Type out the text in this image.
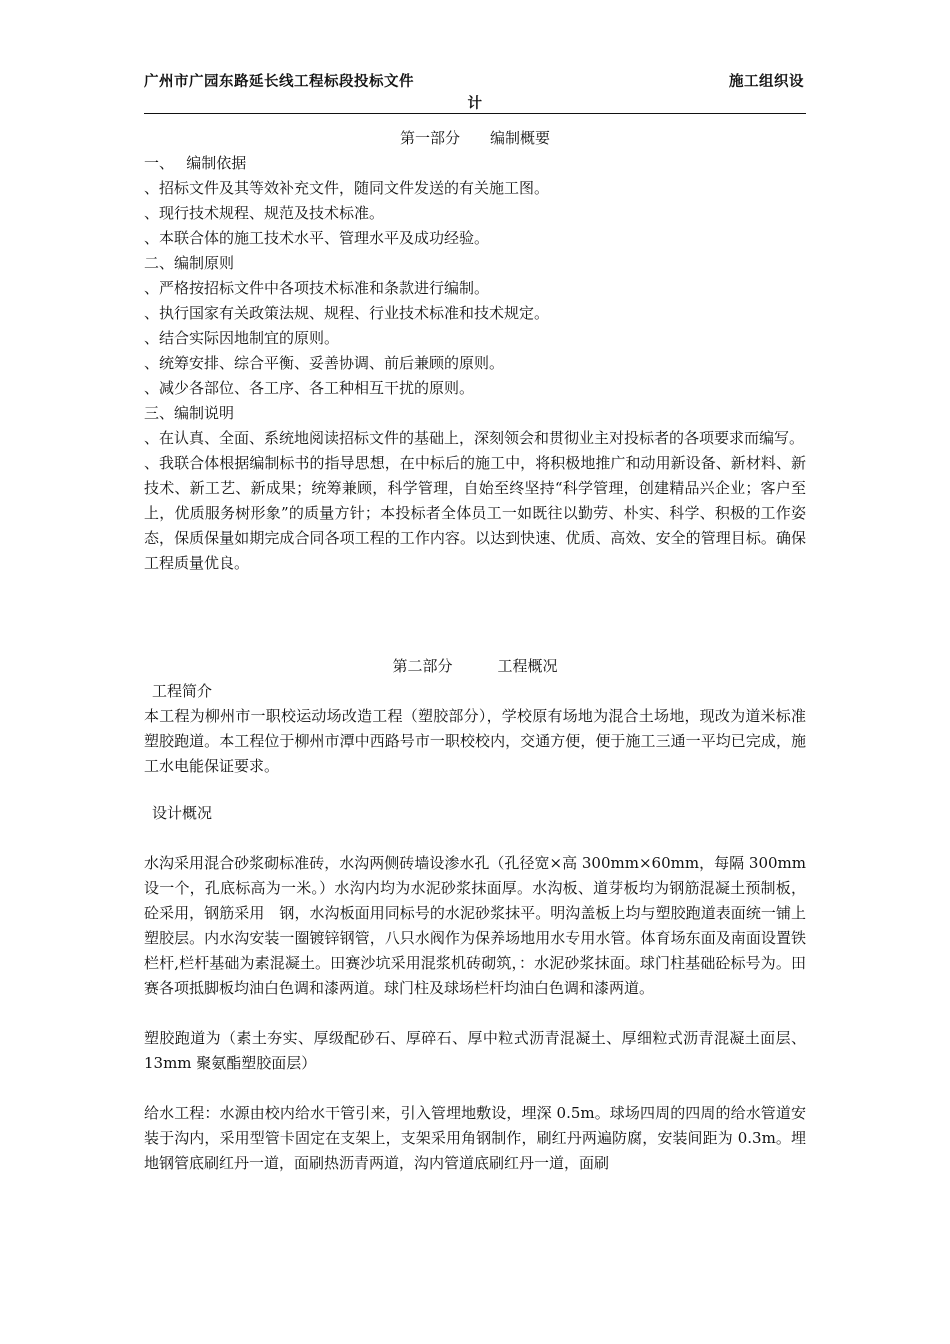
广州市广园东路延长线工程标段投标文件	施工组织设
计

第一部分　　编制概要

一、　 编制依据

、招标文件及其等效补充文件，随同文件发送的有关施工图。

、现行技术规程、规范及技术标准。

、本联合体的施工技术水平、管理水平及成功经验。

二、编制原则

、严格按招标文件中各项技术标准和条款进行编制。

、执行国家有关政策法规、规程、行业技术标准和技术规定。

、结合实际因地制宜的原则。

、统筹安排、综合平衡、妥善协调、前后兼顾的原则。

、减少各部位、各工序、各工种相互干扰的原则。

三、编制说明

、在认真、全面、系统地阅读招标文件的基础上，深刻领会和贯彻业主对投标者的各项要求而编写。

、我联合体根据编制标书的指导思想，在中标后的施工中，将积极地推广和动用新设备、新材料、新技术、新工艺、新成果；统筹兼顾，科学管理，自始至终坚持“科学管理，创建精品兴企业；客户至上，优质服务树形象”的质量方针；本投标者全体员工一如既往以勤劳、朴实、科学、积极的工作姿态，保质保量如期完成合同各项工程的工作内容。以达到快速、优质、高效、安全的管理目标。确保工程质量优良。

第二部分　　　工程概况

工程简介

本工程为柳州市一职校运动场改造工程（塑胶部分），学校原有场地为混合土场地，现改为道米标准塑胶跑道。本工程位于柳州市潭中西路号市一职校校内，交通方便，便于施工三通一平均已完成，施工水电能保证要求。

设计概况

水沟采用混合砂浆砌标准砖，水沟两侧砖墙设渗水孔（孔径宽×高 300mm×60mm，每隔 300mm 设一个，孔底标高为一米。）水沟内均为水泥砂浆抹面厚。水沟板、道芽板均为钢筋混凝土预制板，砼采用，钢筋采用　钢，水沟板面用同标号的水泥砂浆抹平。明沟盖板上均与塑胶跑道表面统一铺上塑胶层。内水沟安装一圈镀锌钢管，八只水阀作为保养场地用水专用水管。体育场东面及南面设置铁栏杆,栏杆基础为素混凝土。田赛沙坑采用混浆机砖砌筑，：水泥砂浆抹面。球门柱基础砼标号为。田赛各项抵脚板均油白色调和漆两道。球门柱及球场栏杆均油白色调和漆两道。

塑胶跑道为（素土夯实、厚级配砂石、厚碎石、厚中粒式沥青混凝土、厚细粒式沥青混凝土面层、13mm 聚氨酯塑胶面层）

给水工程：水源由校内给水干管引来，引入管埋地敷设，埋深 0.5m。球场四周的四周的给水管道安装于沟内，采用型管卡固定在支架上，支架采用角钢制作，刷红丹两遍防腐，安装间距为 0.3m。埋地钢管底刷红丹一道，面刷热沥青两道，沟内管道底刷红丹一道，面刷
